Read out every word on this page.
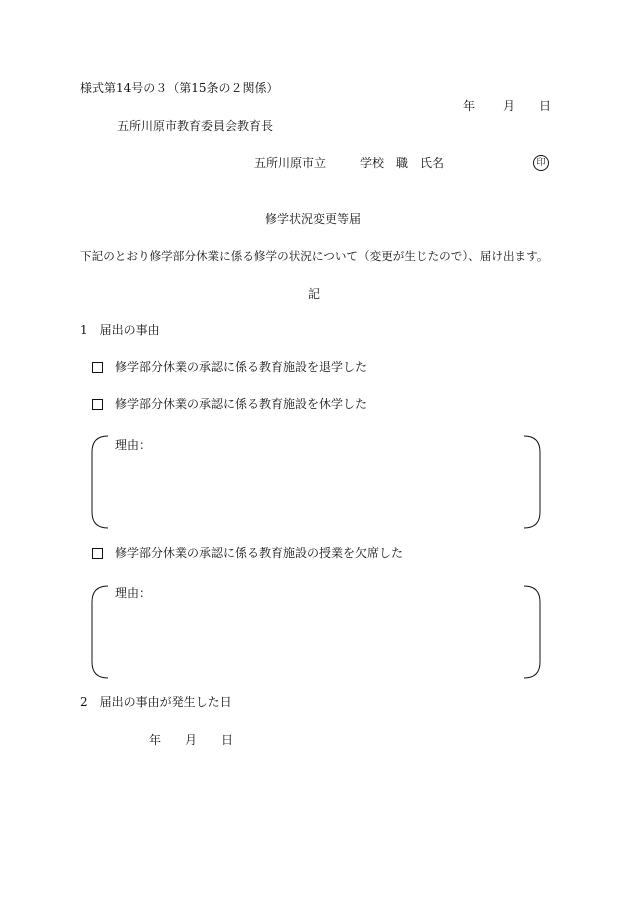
様式第14号の３（第15条の２関係）
年 月 日
五所川原市教育委員会教育長
五所川原市立	学校 職 氏名	印
修学状況変更等届
下記のとおり修学部分休業に係る修学の状況について（変更が生じたので）、届け出ます。
記
1　届出の事由
修学部分休業の承認に係る教育施設を退学した
修学部分休業の承認に係る教育施設を休学した
理由：
修学部分休業の承認に係る教育施設の授業を欠席した
理由：
2　届出の事由が発生した日
年 月 日
